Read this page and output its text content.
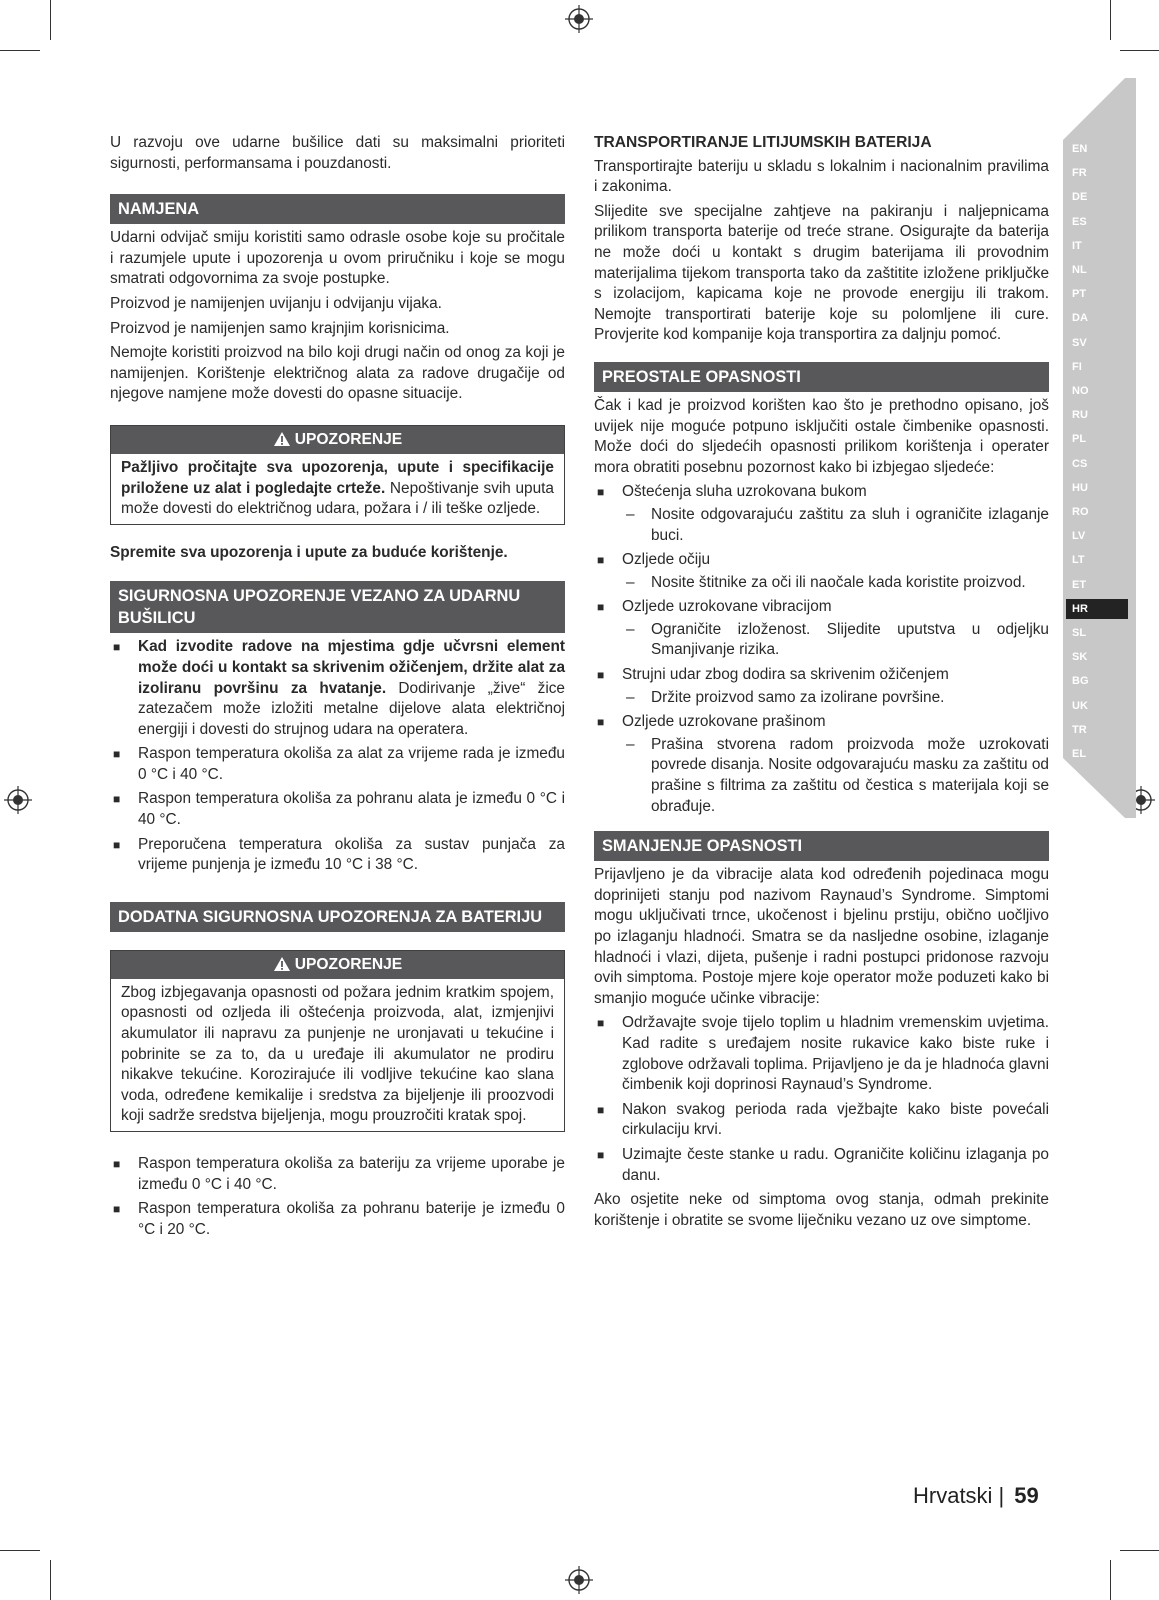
EN
FR
DE
ES
IT
NL
PT
DA
SV
FI
NO
RU
PL
CS
HU
RO
LV
LT
ET
HR
SL
SK
BG
UK
TR
EL

U razvoju ove udarne bušilice dati su maksimalni prioriteti sigurnosti, performansama i pouzdanosti.

NAMJENA

Udarni odvijač smiju koristiti samo odrasle osobe koje su pročitale i razumjele upute i upozorenja u ovom priručniku i koje se mogu smatrati odgovornima za svoje postupke.

Proizvod je namijenjen uvijanju i odvijanju vijaka.

Proizvod je namijenjen samo krajnjim korisnicima.

Nemojte koristiti proizvod na bilo koji drugi način od onog za koji je namijenjen. Korištenje električnog alata za radove drugačije od njegove namjene može dovesti do opasne situacije.

UPOZORENJE

Pažljivo pročitajte sva upozorenja, upute i specifikacije priložene uz alat i pogledajte crteže. Nepoštivanje svih uputa može dovesti do električnog udara, požara i / ili teške ozljede.

Spremite sva upozorenja i upute za buduće korištenje.

SIGURNOSNA UPOZORENJE VEZANO ZA UDARNU BUŠILICU
■ Kad izvodite radove na mjestima gdje učvrsni element može doći u kontakt sa skrivenim ožičenjem, držite alat za izoliranu površinu za hvatanje. Dodirivanje „žive“ žice zatezačem može izložiti metalne dijelove alata električnoj energiji i dovesti do strujnog udara na operatera.
■ Raspon temperatura okoliša za alat za vrijeme rada je između 0 °C i 40 °C.
■ Raspon temperatura okoliša za pohranu alata je između 0 °C i 40 °C.
■ Preporučena temperatura okoliša za sustav punjača za vrijeme punjenja je između 10 °C i 38 °C.
DODATNA SIGURNOSNA UPOZORENJA ZA BATERIJU
UPOZORENJE

Zbog izbjegavanja opasnosti od požara jednim kratkim spojem, opasnosti od ozljeda ili oštećenja proizvoda, alat, izmjenjivi akumulator ili napravu za punjenje ne uronjavati u tekućine i pobrinite se za to, da u uređaje ili akumulator ne prodiru nikakve tekućine. Korozirajuće ili vodljive tekućine kao slana voda, određene kemikalije i sredstva za bijeljenje ili proozvodi koji sadrže sredstva bijeljenja, mogu prouzročiti kratak spoj.

■ Raspon temperatura okoliša za bateriju za vrijeme uporabe je između 0 °C i 40 °C.
■ Raspon temperatura okoliša za pohranu baterije je između 0 °C i 20 °C.
TRANSPORTIRANJE LITIJUMSKIH BATERIJA

Transportirajte bateriju u skladu s lokalnim i nacionalnim pravilima i zakonima.

Slijedite sve specijalne zahtjeve na pakiranju i naljepnicama prilikom transporta baterije od treće strane. Osigurajte da baterija ne može doći u kontakt s drugim baterijama ili provodnim materijalima tijekom transporta tako da zaštitite izložene priključke s izolacijom, kapicama koje ne provode energiju ili trakom. Nemojte transportirati baterije koje su polomljene ili cure. Provjerite kod kompanije koja transportira za daljnju pomoć.

PREOSTALE OPASNOSTI

Čak i kad je proizvod korišten kao što je prethodno opisano, još uvijek nije moguće potpuno isključiti ostale čimbenike opasnosti. Može doći do sljedećih opasnosti prilikom korištenja i operater mora obratiti posebnu pozornost kako bi izbjegao sljedeće:

■ Oštećenja sluha uzrokovana bukom
– Nosite odgovarajuću zaštitu za sluh i ograničite izlaganje buci.
■ Ozljede očiju
– Nosite štitnike za oči ili naočale kada koristite proizvod.
■ Ozljede uzrokovane vibracijom
– Ograničite izloženost. Slijedite uputstva u odjeljku Smanjivanje rizika.
■ Strujni udar zbog dodira sa skrivenim ožičenjem
– Držite proizvod samo za izolirane površine.
■ Ozljede uzrokovane prašinom
– Prašina stvorena radom proizvoda može uzrokovati povrede disanja. Nosite odgovarajuću masku za zaštitu od prašine s filtrima za zaštitu od čestica s materijala koji se obrađuje.
SMANJENJE OPASNOSTI

Prijavljeno je da vibracije alata kod određenih pojedinaca mogu doprinijeti stanju pod nazivom Raynaud’s Syndrome. Simptomi mogu uključivati trnce, ukočenost i bjelinu prstiju, obično uočljivo po izlaganju hladnoći. Smatra se da nasljedne osobine, izlaganje hladnoći i vlazi, dijeta, pušenje i radni postupci pridonose razvoju ovih simptoma. Postoje mjere koje operator može poduzeti kako bi smanjio moguće učinke vibracije:

■ Održavajte svoje tijelo toplim u hladnim vremenskim uvjetima. Kad radite s uređajem nosite rukavice kako biste ruke i zglobove održavali toplima. Prijavljeno je da je hladnoća glavni čimbenik koji doprinosi Raynaud’s Syndrome.
■ Nakon svakog perioda rada vježbajte kako biste povećali cirkulaciju krvi.
■ Uzimajte česte stanke u radu. Ograničite količinu izlaganja po danu.

Ako osjetite neke od simptoma ovog stanja, odmah prekinite korištenje i obratite se svome liječniku vezano uz ove simptome.

Hrvatski | 59
